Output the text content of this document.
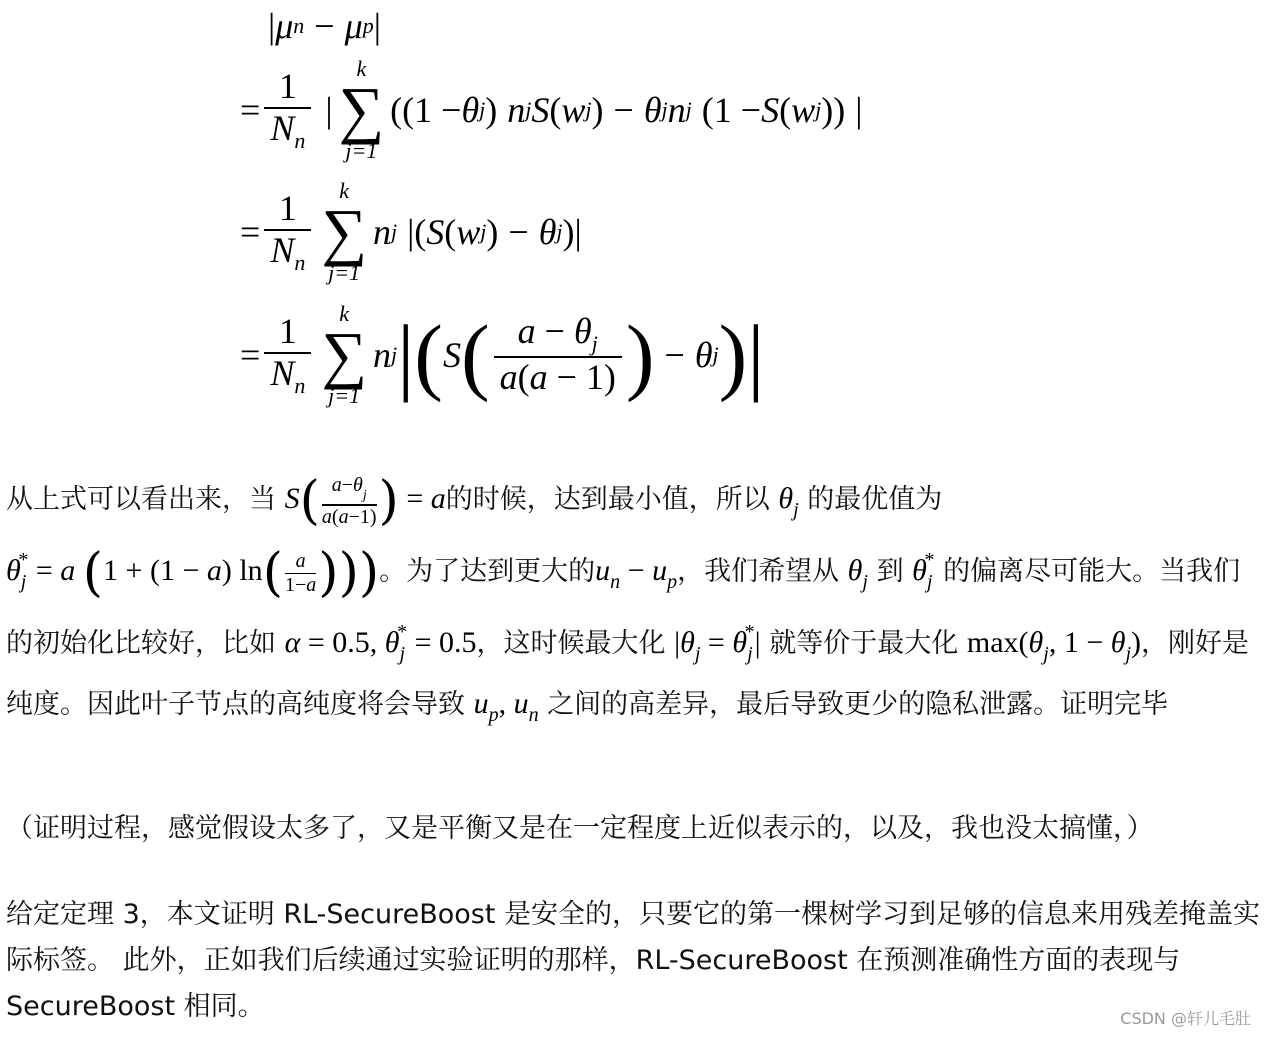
| μ n − μ p |
= $\frac{1}{N_n}$ |
k
∑
j=1
((1 − θ j ) n j S ( w j ) − θ j n j (1 − S ( w j )) |
= $\frac{1}{N_n}$ k
∑
j=1
n j |( S ( w j ) − θ j )|
= $\frac{1}{N_n}$ k
∑
j=1
n j | ( S ( $\frac{a - \theta_j}{a(a - 1)}$ ) − θ j ) |
从上式可以看出来，当 $S( \frac{a-\theta_j}{a(a-1)}$ ) = a的时候，达到最小值，所以 $\theta_j$ 的最优值为
$\theta_j^* = a$ (1 + (1 − a) $\ln( \frac{a}{1-a}$ )))。为了达到更大的$u_n - u_p$，我们希望从 $\theta_j$ 到 $\theta_j^*$ 的偏离尽可能大。当我们的初始化比较好，比如 α = 0.5, $\theta_j^* = 0.5$，这时候最大化 $|\theta_j = \theta_j^*|$ 就等价于最大化 $\max(\theta_j$, $1 - \theta_j$)，刚好是纯度。因此叶子节点的高纯度将会导致 $u_p$, $u_n$ 之间的高差异，最后导致更少的隐私泄露。证明完毕
（证明过程，感觉假设太多了，又是平衡又是在一定程度上近似表示的，以及，我也没太搞懂，）
给定定理 3，本文证明 RL-SecureBoost 是安全的，只要它的第一棵树学习到足够的信息来用残差掩盖实际标签。 此外，正如我们后续通过实验证明的那样，RL-SecureBoost 在预测准确性方面的表现与 SecureBoost 相同。	CSDN @轩儿毛肚
